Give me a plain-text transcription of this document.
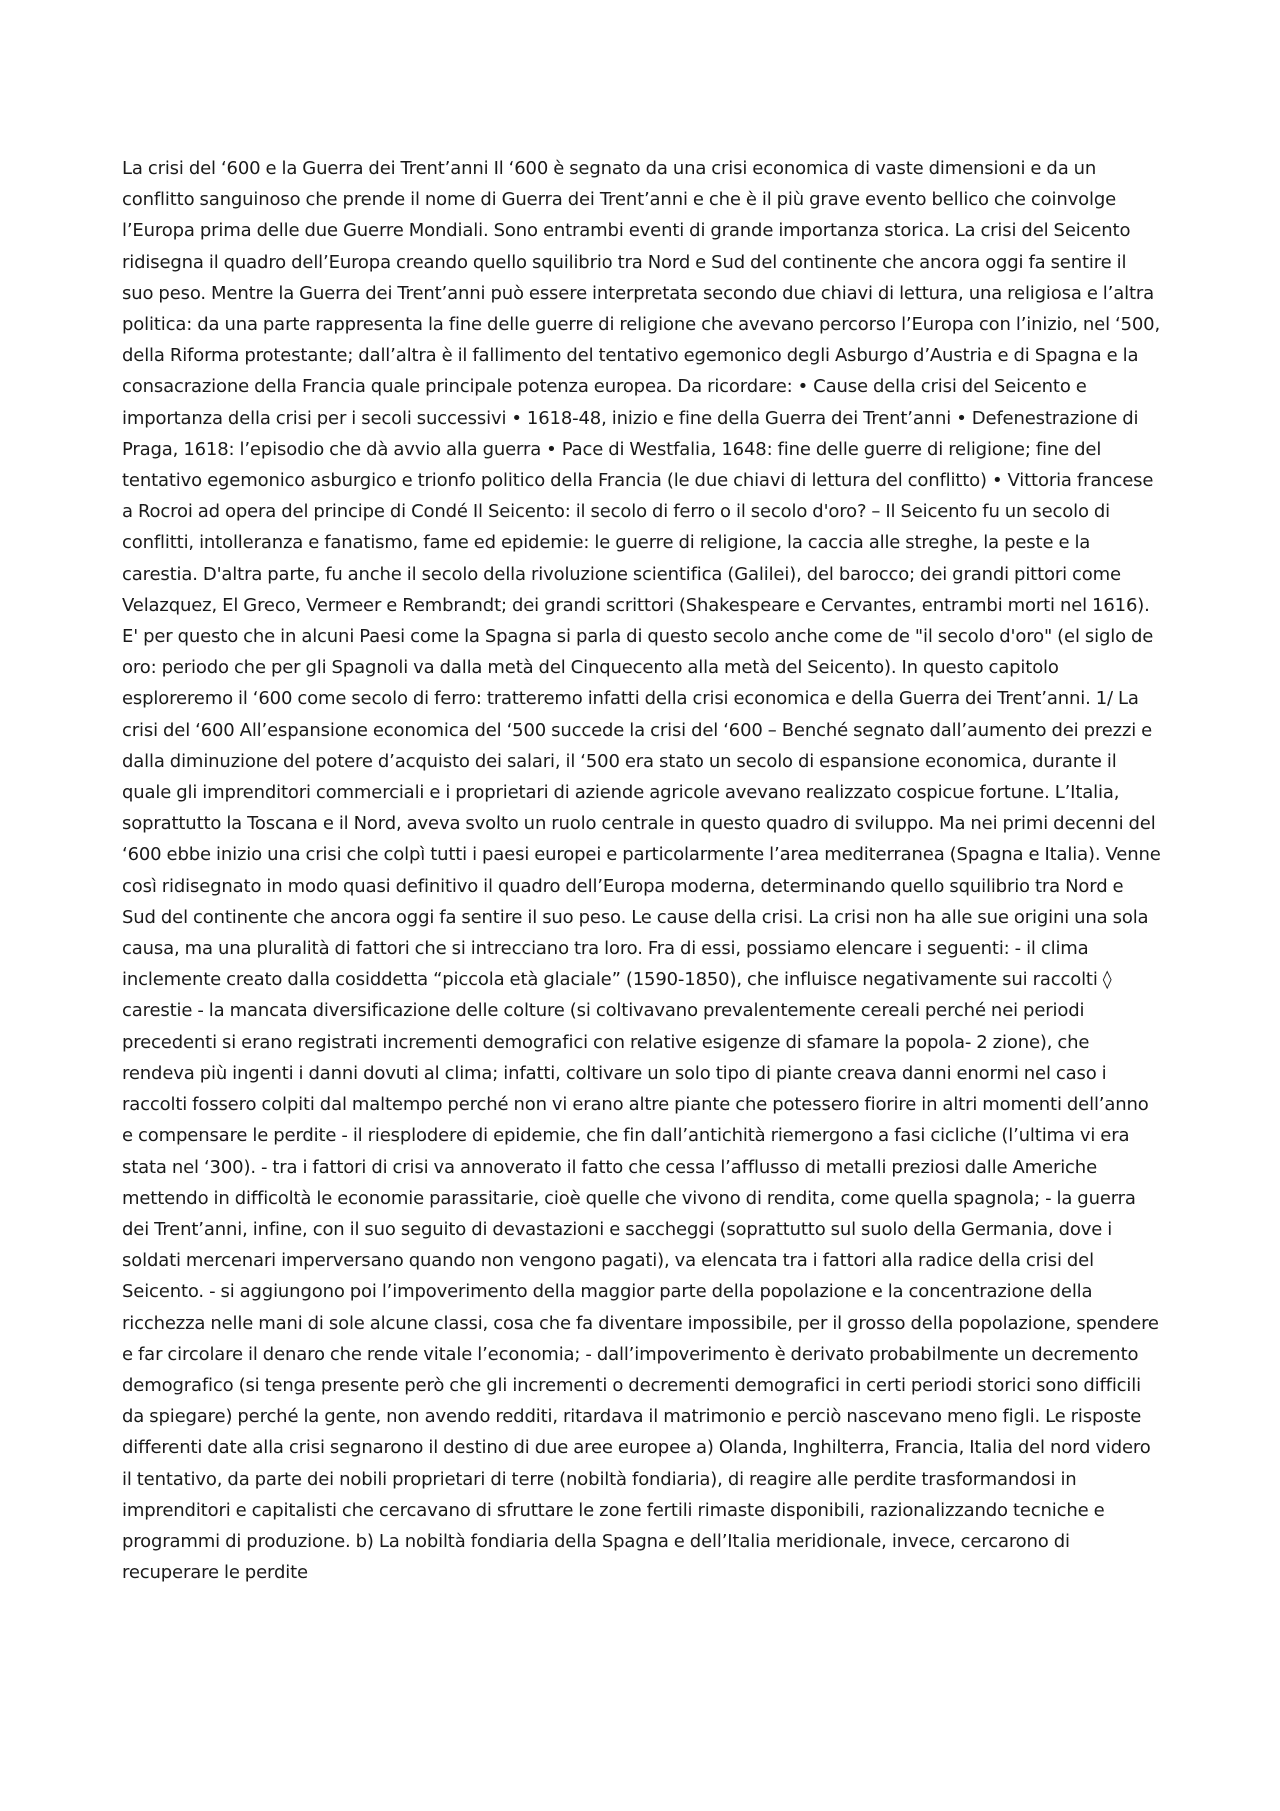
La crisi del ‘600 e la Guerra dei Trent’anni Il ‘600 è segnato da una crisi economica di vaste dimensioni e da un conflitto sanguinoso che prende il nome di Guerra dei Trent’anni e che è il più grave evento bellico che coinvolge l’Europa prima delle due Guerre Mondiali. Sono entrambi eventi di grande importanza storica. La crisi del Seicento ridisegna il quadro dell’Europa creando quello squilibrio tra Nord e Sud del continente che ancora oggi fa sentire il suo peso. Mentre la Guerra dei Trent’anni può essere interpretata secondo due chiavi di lettura, una religiosa e l’altra politica: da una parte rappresenta la fine delle guerre di religione che avevano percorso l’Europa con l’inizio, nel ‘500, della Riforma protestante; dall’altra è il fallimento del tentativo egemonico degli Asburgo d’Austria e di Spagna e la consacrazione della Francia quale principale potenza europea. Da ricordare: • Cause della crisi del Seicento e importanza della crisi per i secoli successivi • 1618-48, inizio e fine della Guerra dei Trent’anni • Defenestrazione di Praga, 1618: l’episodio che dà avvio alla guerra • Pace di Westfalia, 1648: fine delle guerre di religione; fine del tentativo egemonico asburgico e trionfo politico della Francia (le due chiavi di lettura del conflitto) • Vittoria francese a Rocroi ad opera del principe di Condé Il Seicento: il secolo di ferro o il secolo d'oro? – Il Seicento fu un secolo di conflitti, intolleranza e fanatismo, fame ed epidemie: le guerre di religione, la caccia alle streghe, la peste e la carestia. D'altra parte, fu anche il secolo della rivoluzione scientifica (Galilei), del barocco; dei grandi pittori come Velazquez, El Greco, Vermeer e Rembrandt; dei grandi scrittori (Shakespeare e Cervantes, entrambi morti nel 1616). E' per questo che in alcuni Paesi come la Spagna si parla di questo secolo anche come de "il secolo d'oro" (el siglo de oro: periodo che per gli Spagnoli va dalla metà del Cinquecento alla metà del Seicento). In questo capitolo esploreremo il ‘600 come secolo di ferro: tratteremo infatti della crisi economica e della Guerra dei Trent’anni. 1/ La crisi del ‘600 All’espansione economica del ‘500 succede la crisi del ‘600 – Benché segnato dall’aumento dei prezzi e dalla diminuzione del potere d’acquisto dei salari, il ‘500 era stato un secolo di espansione economica, durante il quale gli imprenditori commerciali e i proprietari di aziende agricole avevano realizzato cospicue fortune. L’Italia, soprattutto la Toscana e il Nord, aveva svolto un ruolo centrale in questo quadro di sviluppo. Ma nei primi decenni del ‘600 ebbe inizio una crisi che colpì tutti i paesi europei e particolarmente l’area mediterranea (Spagna e Italia). Venne così ridisegnato in modo quasi definitivo il quadro dell’Europa moderna, determinando quello squilibrio tra Nord e Sud del continente che ancora oggi fa sentire il suo peso. Le cause della crisi. La crisi non ha alle sue origini una sola causa, ma una pluralità di fattori che si intrecciano tra loro. Fra di essi, possiamo elencare i seguenti: - il clima inclemente creato dalla cosiddetta “piccola età glaciale” (1590-1850), che influisce negativamente sui raccolti ◊ carestie - la mancata diversificazione delle colture (si coltivavano prevalentemente cereali perché nei periodi precedenti si erano registrati incrementi demografici con relative esigenze di sfamare la popola- 2 zione), che rendeva più ingenti i danni dovuti al clima; infatti, coltivare un solo tipo di piante creava danni enormi nel caso i raccolti fossero colpiti dal maltempo perché non vi erano altre piante che potessero fiorire in altri momenti dell’anno e compensare le perdite - il riesplodere di epidemie, che fin dall’antichità riemergono a fasi cicliche (l’ultima vi era stata nel ‘300). - tra i fattori di crisi va annoverato il fatto che cessa l’afflusso di metalli preziosi dalle Americhe mettendo in difficoltà le economie parassitarie, cioè quelle che vivono di rendita, come quella spagnola; - la guerra dei Trent’anni, infine, con il suo seguito di devastazioni e saccheggi (soprattutto sul suolo della Germania, dove i soldati mercenari imperversano quando non vengono pagati), va elencata tra i fattori alla radice della crisi del Seicento. - si aggiungono poi l’impoverimento della maggior parte della popolazione e la concentrazione della ricchezza nelle mani di sole alcune classi, cosa che fa diventare impossibile, per il grosso della popolazione, spendere e far circolare il denaro che rende vitale l’economia; - dall’impoverimento è derivato probabilmente un decremento demografico (si tenga presente però che gli incrementi o decrementi demografici in certi periodi storici sono difficili da spiegare) perché la gente, non avendo redditi, ritardava il matrimonio e perciò nascevano meno figli. Le risposte differenti date alla crisi segnarono il destino di due aree europee a) Olanda, Inghilterra, Francia, Italia del nord videro il tentativo, da parte dei nobili proprietari di terre (nobiltà fondiaria), di reagire alle perdite trasformandosi in imprenditori e capitalisti che cercavano di sfruttare le zone fertili rimaste disponibili, razionalizzando tecniche e programmi di produzione. b) La nobiltà fondiaria della Spagna e dell’Italia meridionale, invece, cercarono di recuperare le perdite
